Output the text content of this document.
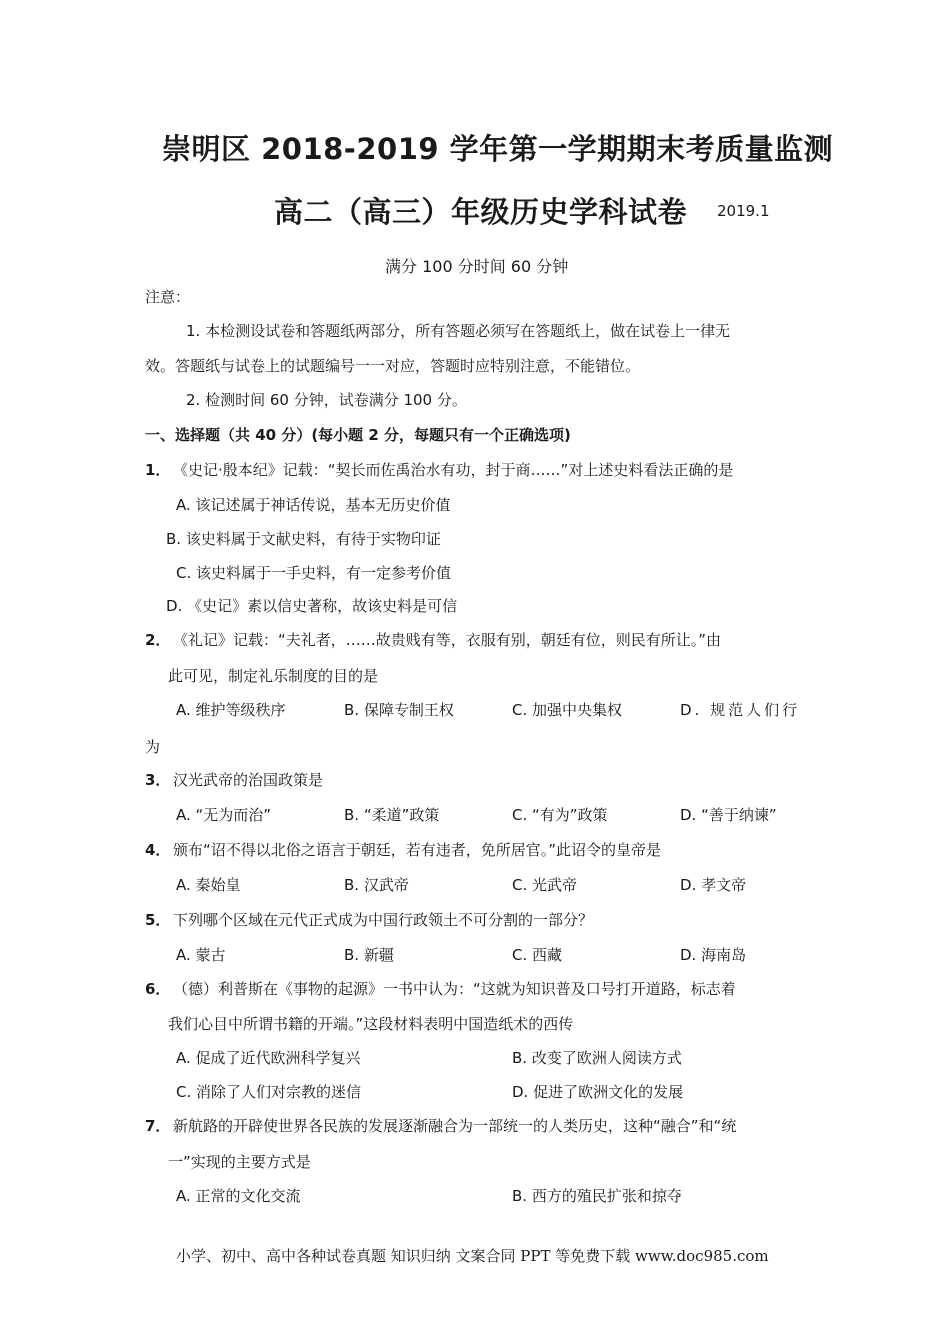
崇明区 2018-2019 学年第一学期期末考质量监测
高二（高三）年级历史学科试卷 2019.1
满分 100 分时间 60 分钟
注意：
1. 本检测设试卷和答题纸两部分，所有答题必须写在答题纸上，做在试卷上一律无
效。答题纸与试卷上的试题编号一一对应，答题时应特别注意，不能错位。
2. 检测时间 60 分钟，试卷满分 100 分。
一、选择题（共 40 分）(每小题 2 分，每题只有一个正确选项)
1． 《史记·殷本纪》记载：“契长而佐禹治水有功，封于商……”对上述史料看法正确的是
A. 该记述属于神话传说，基本无历史价值
B. 该史料属于文献史料，有待于实物印证
C. 该史料属于一手史料，有一定参考价值
D. 《史记》素以信史著称，故该史料是可信
2． 《礼记》记载：“夫礼者，……故贵贱有等，衣服有别，朝廷有位，则民有所让。”由
此可见，制定礼乐制度的目的是
A. 维护等级秩序	B. 保障专制王权	C. 加强中央集权	D. 规范人们行
为
3． 汉光武帝的治国政策是
A. “无为而治”	B. “柔道”政策	C. “有为”政策	D. “善于纳谏”
4． 颁布“诏不得以北俗之语言于朝廷，若有违者，免所居官。”此诏令的皇帝是
A. 秦始皇	B. 汉武帝	C. 光武帝	D. 孝文帝
5． 下列哪个区域在元代正式成为中国行政领土不可分割的一部分？
A. 蒙古	B. 新疆	C. 西藏	D. 海南岛
6． （德）利普斯在《事物的起源》一书中认为：“这就为知识普及口号打开道路，标志着
我们心目中所谓书籍的开端。”这段材料表明中国造纸术的西传
A. 促成了近代欧洲科学复兴	B. 改变了欧洲人阅读方式
C. 消除了人们对宗教的迷信	D. 促进了欧洲文化的发展
7． 新航路的开辟使世界各民族的发展逐渐融合为一部统一的人类历史，这种“融合”和“统
一”实现的主要方式是
A. 正常的文化交流	B. 西方的殖民扩张和掠夺
小学、初中、高中各种试卷真题 知识归纳 文案合同 PPT 等免费下载 www.doc985.com
